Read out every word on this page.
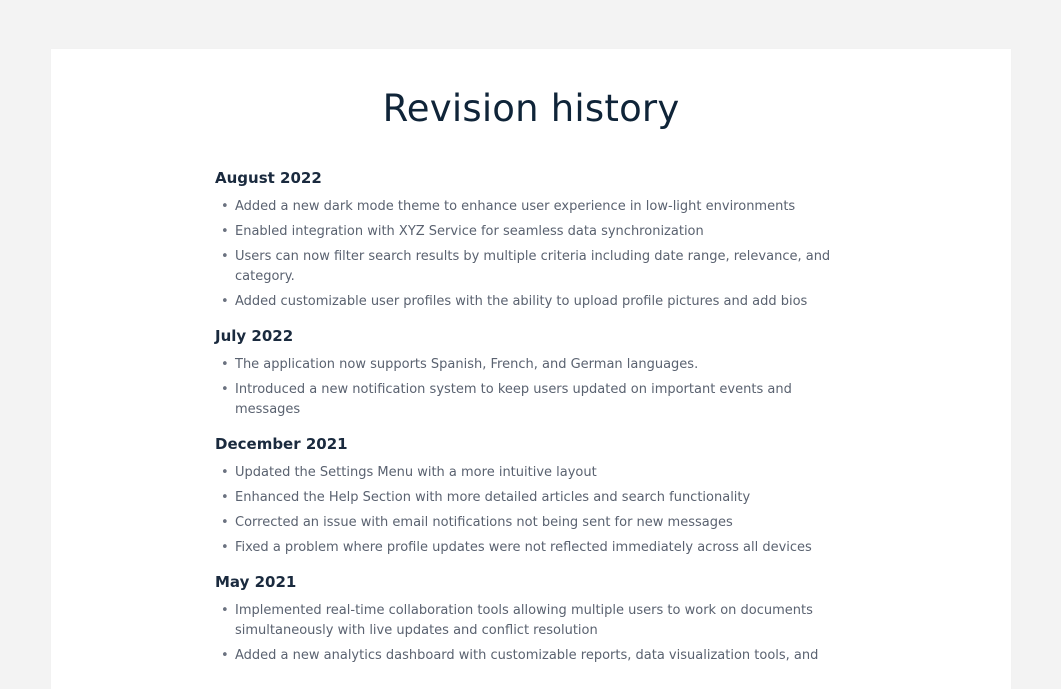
Revision history
August 2022
• Added a new dark mode theme to enhance user experience in low-light environments
• Enabled integration with XYZ Service for seamless data synchronization
• Users can now filter search results by multiple criteria including date range, relevance, and category.
• Added customizable user profiles with the ability to upload profile pictures and add bios
July 2022
• The application now supports Spanish, French, and German languages.
• Introduced a new notification system to keep users updated on important events and messages
December 2021
• Updated the Settings Menu with a more intuitive layout
• Enhanced the Help Section with more detailed articles and search functionality
• Corrected an issue with email notifications not being sent for new messages
• Fixed a problem where profile updates were not reflected immediately across all devices
May 2021
• Implemented real-time collaboration tools allowing multiple users to work on documents simultaneously with live updates and conflict resolution
• Added a new analytics dashboard with customizable reports, data visualization tools, and
